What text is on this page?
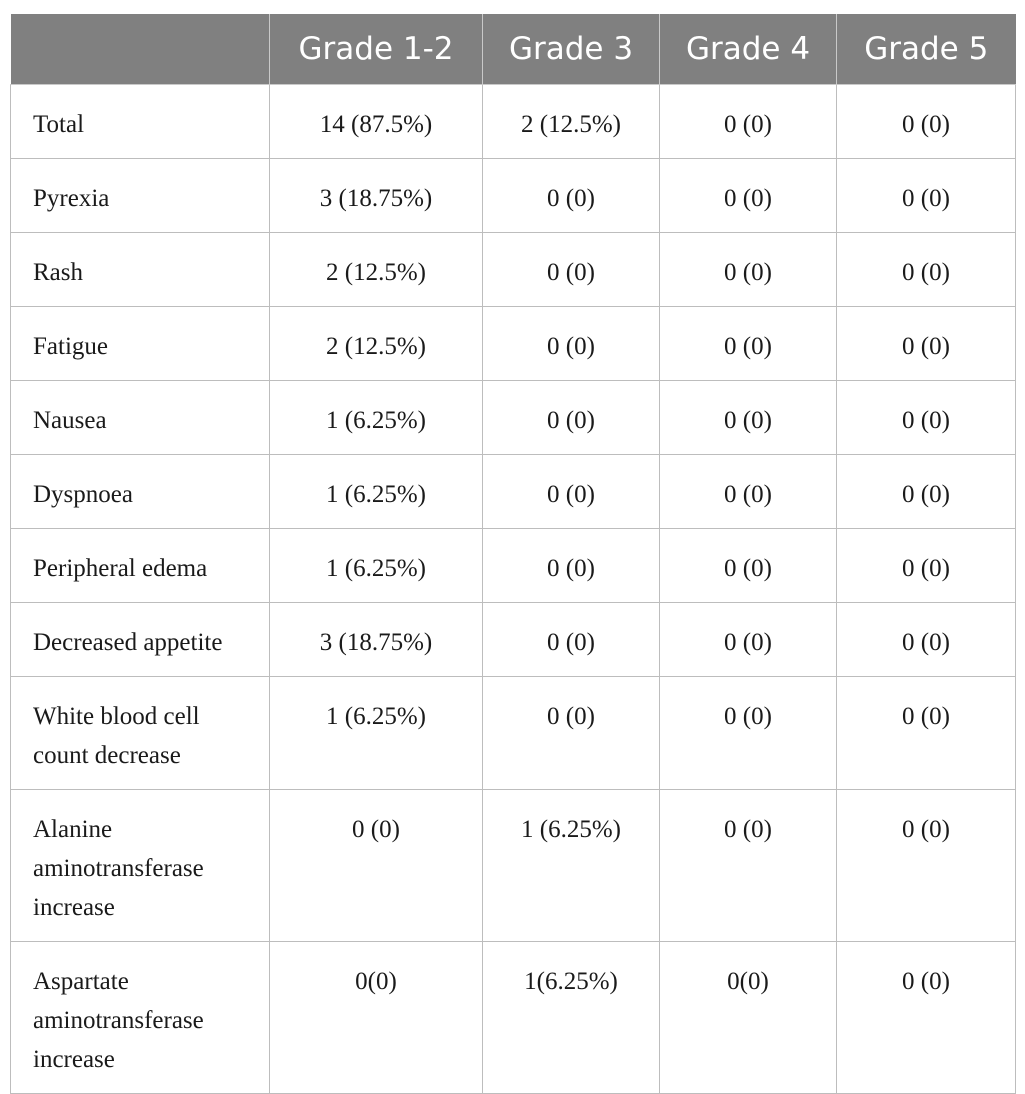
	Grade 1-2	Grade 3	Grade 4	Grade 5
Total	14 (87.5%)	2 (12.5%)	0 (0)	0 (0)
Pyrexia	3 (18.75%)	0 (0)	0 (0)	0 (0)
Rash	2 (12.5%)	0 (0)	0 (0)	0 (0)
Fatigue	2 (12.5%)	0 (0)	0 (0)	0 (0)
Nausea	1 (6.25%)	0 (0)	0 (0)	0 (0)
Dyspnoea	1 (6.25%)	0 (0)	0 (0)	0 (0)
Peripheral edema	1 (6.25%)	0 (0)	0 (0)	0 (0)
Decreased appetite	3 (18.75%)	0 (0)	0 (0)	0 (0)
White blood cell count decrease	1 (6.25%)	0 (0)	0 (0)	0 (0)
Alanine aminotransferase increase	0 (0)	1 (6.25%)	0 (0)	0 (0)
Aspartate aminotransferase increase	0(0)	1(6.25%)	0(0)	0 (0)
